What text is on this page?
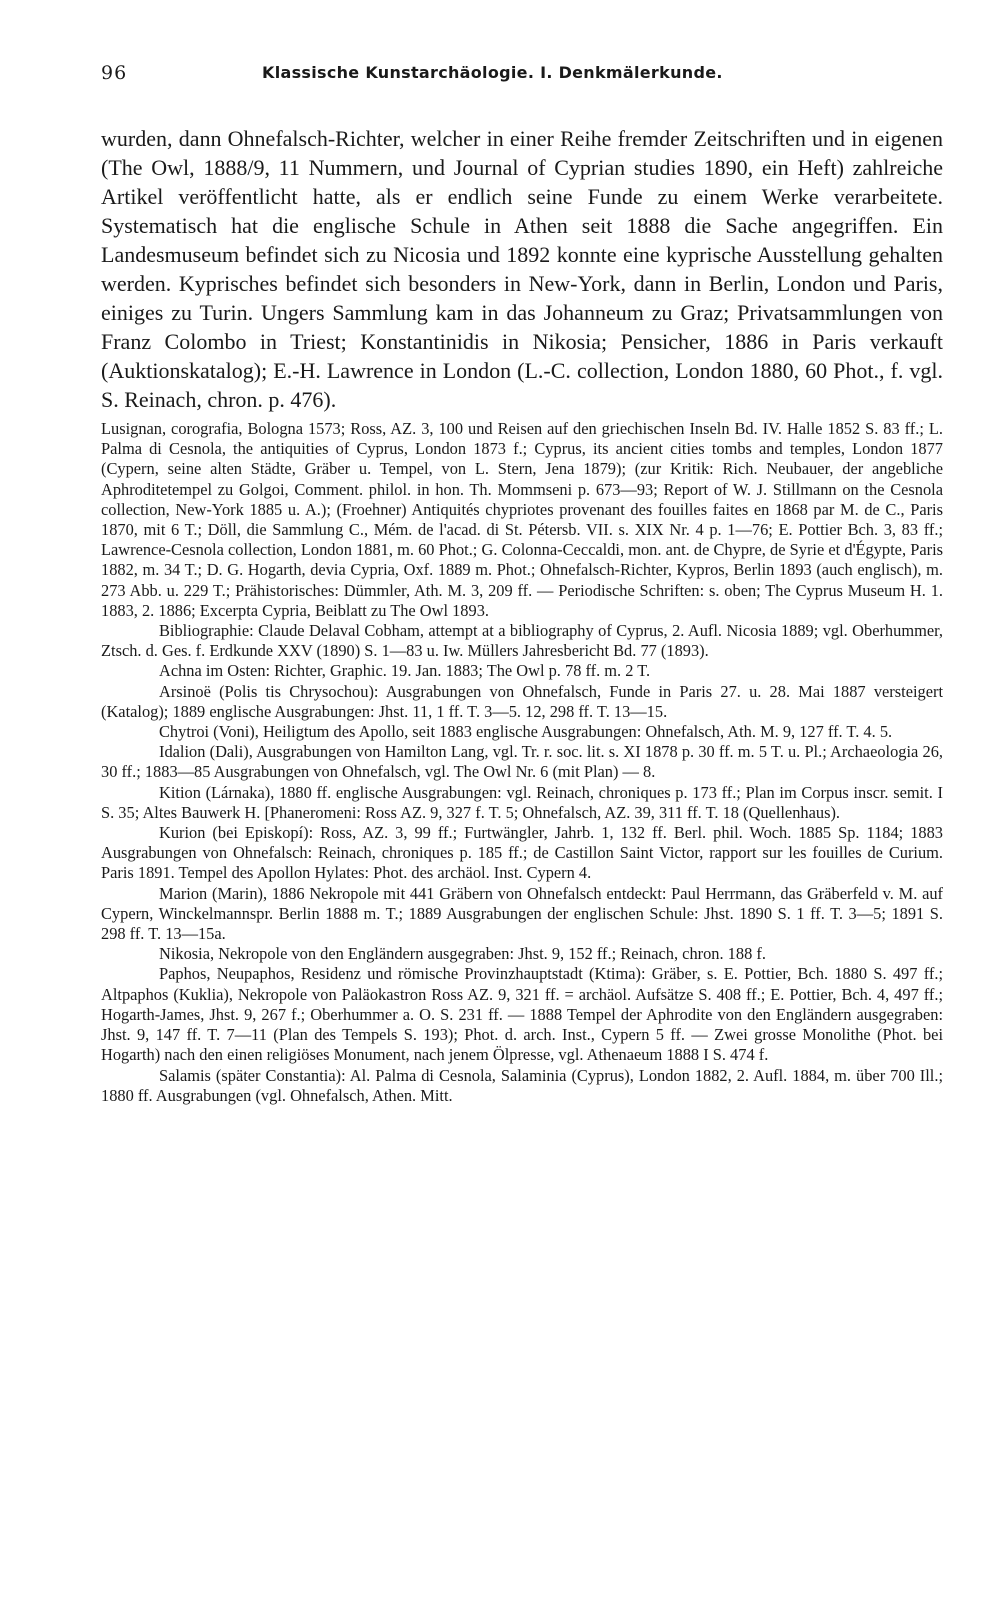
96	Klassische Kunstarchäologie. I. Denkmälerkunde.

wurden, dann Ohnefalsch-Richter, welcher in einer Reihe fremder Zeitschriften und in eigenen (The Owl, 1888/9, 11 Nummern, und Journal of Cyprian studies 1890, ein Heft) zahlreiche Artikel veröffentlicht hatte, als er endlich seine Funde zu einem Werke verarbeitete. Systematisch hat die englische Schule in Athen seit 1888 die Sache angegriffen. Ein Landesmuseum befindet sich zu Nicosia und 1892 konnte eine kyprische Ausstellung gehalten werden. Kyprisches befindet sich besonders in New-York, dann in Berlin, London und Paris, einiges zu Turin. Ungers Sammlung kam in das Johanneum zu Graz; Privatsammlungen von Franz Colombo in Triest; Konstantinidis in Nikosia; Pensicher, 1886 in Paris verkauft (Auktionskatalog); E.-H. Lawrence in London (L.-C. collection, London 1880, 60 Phot., f. vgl. S. Reinach, chron. p. 476).

Lusignan, corografia, Bologna 1573; Ross, AZ. 3, 100 und Reisen auf den griechischen Inseln Bd. IV. Halle 1852 S. 83 ff.; L. Palma di Cesnola, the antiquities of Cyprus, London 1873 f.; Cyprus, its ancient cities tombs and temples, London 1877 (Cypern, seine alten Städte, Gräber u. Tempel, von L. Stern, Jena 1879); (zur Kritik: Rich. Neubauer, der angebliche Aphroditetempel zu Golgoi, Comment. philol. in hon. Th. Mommseni p. 673—93; Report of W. J. Stillmann on the Cesnola collection, New-York 1885 u. A.); (Froehner) Antiquités chypriotes provenant des fouilles faites en 1868 par M. de C., Paris 1870, mit 6 T.; Döll, die Sammlung C., Mém. de l'acad. di St. Pétersb. VII. s. XIX Nr. 4 p. 1—76; E. Pottier Bch. 3, 83 ff.; Lawrence-Cesnola collection, London 1881, m. 60 Phot.; G. Colonna-Ceccaldi, mon. ant. de Chypre, de Syrie et d'Égypte, Paris 1882, m. 34 T.; D. G. Hogarth, devia Cypria, Oxf. 1889 m. Phot.; Ohnefalsch-Richter, Kypros, Berlin 1893 (auch englisch), m. 273 Abb. u. 229 T.; Prähistorisches: Dümmler, Ath. M. 3, 209 ff. — Periodische Schriften: s. oben; The Cyprus Museum H. 1. 1883, 2. 1886; Excerpta Cypria, Beiblatt zu The Owl 1893.

Bibliographie: Claude Delaval Cobham, attempt at a bibliography of Cyprus, 2. Aufl. Nicosia 1889; vgl. Oberhummer, Ztsch. d. Ges. f. Erdkunde XXV (1890) S. 1—83 u. Iw. Müllers Jahresbericht Bd. 77 (1893).

Achna im Osten: Richter, Graphic. 19. Jan. 1883; The Owl p. 78 ff. m. 2 T.

Arsinoë (Polis tis Chrysochou): Ausgrabungen von Ohnefalsch, Funde in Paris 27. u. 28. Mai 1887 versteigert (Katalog); 1889 englische Ausgrabungen: Jhst. 11, 1 ff. T. 3—5. 12, 298 ff. T. 13—15.

Chytroi (Voni), Heiligtum des Apollo, seit 1883 englische Ausgrabungen: Ohnefalsch, Ath. M. 9, 127 ff. T. 4. 5.

Idalion (Dali), Ausgrabungen von Hamilton Lang, vgl. Tr. r. soc. lit. s. XI 1878 p. 30 ff. m. 5 T. u. Pl.; Archaeologia 26, 30 ff.; 1883—85 Ausgrabungen von Ohnefalsch, vgl. The Owl Nr. 6 (mit Plan) — 8.

Kition (Lárnaka), 1880 ff. englische Ausgrabungen: vgl. Reinach, chroniques p. 173 ff.; Plan im Corpus inscr. semit. I S. 35; Altes Bauwerk H. [Phaneromeni: Ross AZ. 9, 327 f. T. 5; Ohnefalsch, AZ. 39, 311 ff. T. 18 (Quellenhaus).

Kurion (bei Episkopí): Ross, AZ. 3, 99 ff.; Furtwängler, Jahrb. 1, 132 ff. Berl. phil. Woch. 1885 Sp. 1184; 1883 Ausgrabungen von Ohnefalsch: Reinach, chroniques p. 185 ff.; de Castillon Saint Victor, rapport sur les fouilles de Curium. Paris 1891. Tempel des Apollon Hylates: Phot. des archäol. Inst. Cypern 4.

Marion (Marin), 1886 Nekropole mit 441 Gräbern von Ohnefalsch entdeckt: Paul Herrmann, das Gräberfeld v. M. auf Cypern, Winckelmannspr. Berlin 1888 m. T.; 1889 Ausgrabungen der englischen Schule: Jhst. 1890 S. 1 ff. T. 3—5; 1891 S. 298 ff. T. 13—15a.

Nikosia, Nekropole von den Engländern ausgegraben: Jhst. 9, 152 ff.; Reinach, chron. 188 f.

Paphos, Neupaphos, Residenz und römische Provinzhauptstadt (Ktima): Gräber, s. E. Pottier, Bch. 1880 S. 497 ff.; Altpaphos (Kuklia), Nekropole von Paläokastron Ross AZ. 9, 321 ff. = archäol. Aufsätze S. 408 ff.; E. Pottier, Bch. 4, 497 ff.; Hogarth-James, Jhst. 9, 267 f.; Oberhummer a. O. S. 231 ff. — 1888 Tempel der Aphrodite von den Engländern ausgegraben: Jhst. 9, 147 ff. T. 7—11 (Plan des Tempels S. 193); Phot. d. arch. Inst., Cypern 5 ff. — Zwei grosse Monolithe (Phot. bei Hogarth) nach den einen religiöses Monument, nach jenem Ölpresse, vgl. Athenaeum 1888 I S. 474 f.

Salamis (später Constantia): Al. Palma di Cesnola, Salaminia (Cyprus), London 1882, 2. Aufl. 1884, m. über 700 Ill.; 1880 ff. Ausgrabungen (vgl. Ohnefalsch, Athen. Mitt.
